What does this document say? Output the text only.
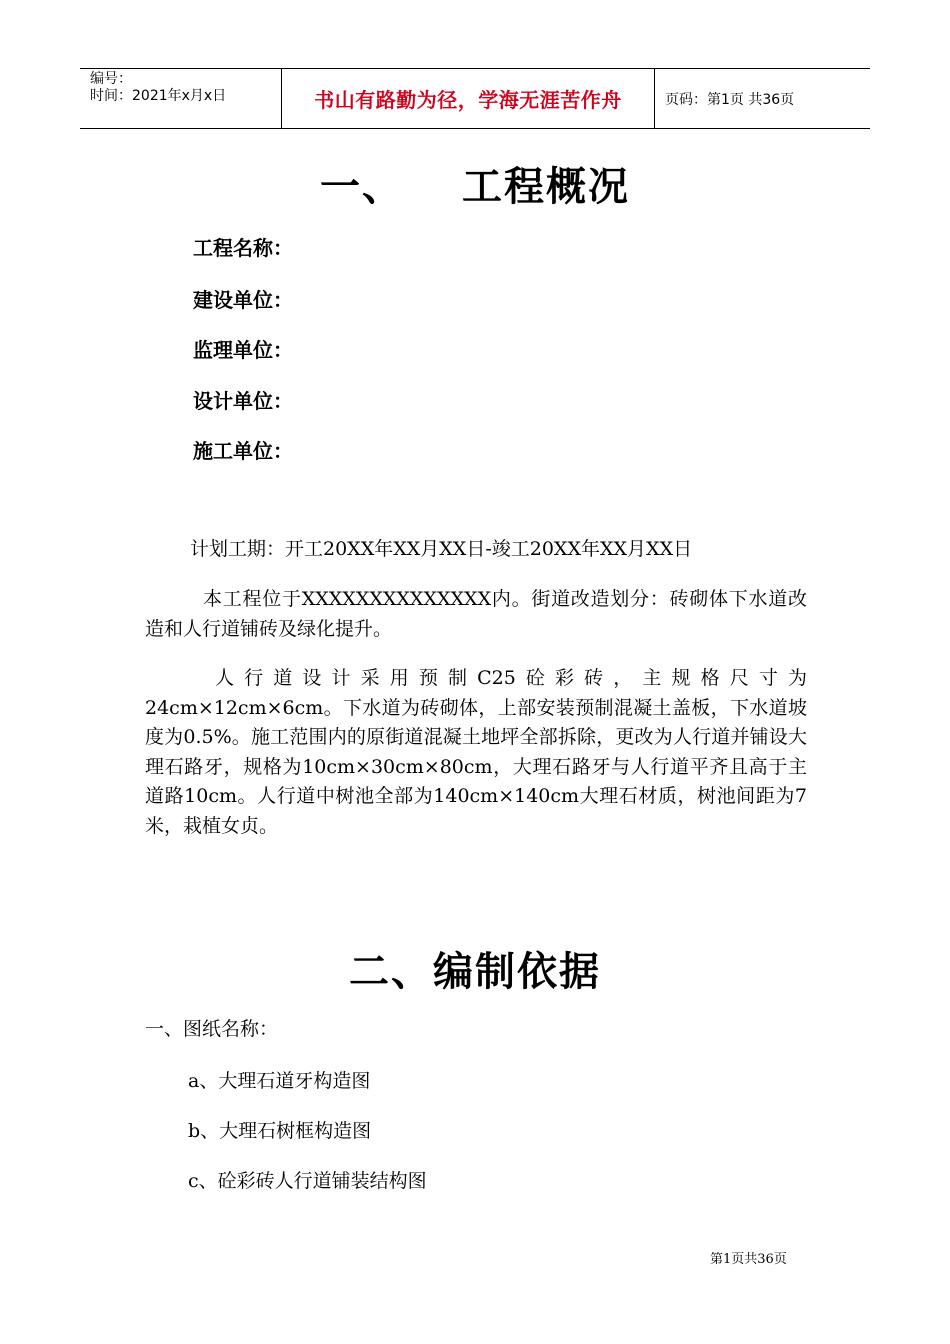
编号：
时间：2021年x月x日	书山有路勤为径，学海无涯苦作舟	页码：第1页 共36页
一、 工程概况
工程名称：
建设单位：
监理单位：
设计单位：
施工单位：
计划工期：开工20XX年XX月XX日-竣工20XX年XX月XX日
本工程位于XXXXXXXXXXXXXX内。街道改造划分：砖砌体下水道改造和人行道铺砖及绿化提升。
人行道设计采用预制C25砼彩砖，主规格尺寸为24cm×12cm×6cm。下水道为砖砌体，上部安装预制混凝土盖板，下水道坡度为0.5%。施工范围内的原街道混凝土地坪全部拆除，更改为人行道并铺设大理石路牙，规格为10cm×30cm×80cm，大理石路牙与人行道平齐且高于主道路10cm。人行道中树池全部为140cm×140cm大理石材质，树池间距为7米，栽植女贞。
二、编制依据
一、图纸名称：
a、大理石道牙构造图
b、大理石树框构造图
c、砼彩砖人行道铺装结构图
第1页共36页
